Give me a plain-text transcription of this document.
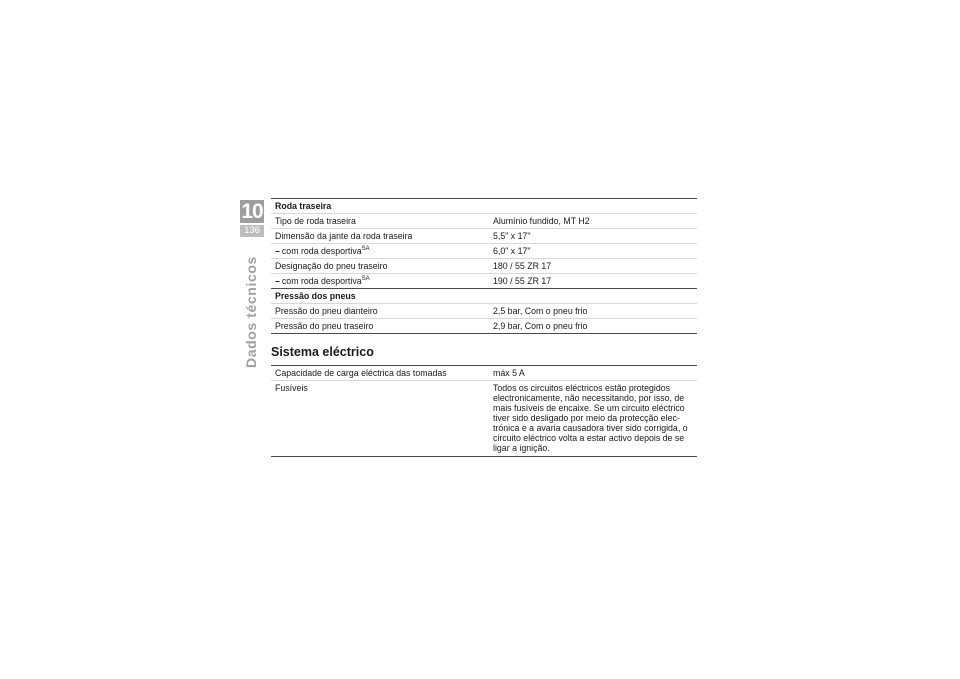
10
136
Dados técnicos
Roda traseira
Tipo de roda traseira	Alumínio fundido, MT H2
Dimensão da jante da roda traseira	5,5" x 17"
– com roda desportiva$^{SA}$	6,0" x 17"
Designação do pneu traseiro	180 / 55 ZR 17
– com roda desportiva$^{SA}$	190 / 55 ZR 17
Pressão dos pneus
Pressão do pneu dianteiro	2,5 bar, Com o pneu frio
Pressão do pneu traseiro	2,9 bar, Com o pneu frio
Sistema eléctrico
Capacidade de carga eléctrica das tomadas	máx 5 A
Fusíveis	Todos os circuitos eléctricos estão protegidos
electronicamente, não necessitando, por isso, de
mais fusíveis de encaixe. Se um circuito eléctrico
tiver sido desligado por meio da protecção elec-
trónica e a avaria causadora tiver sido corrigida, o
circuito eléctrico volta a estar activo depois de se
ligar a ignição.
